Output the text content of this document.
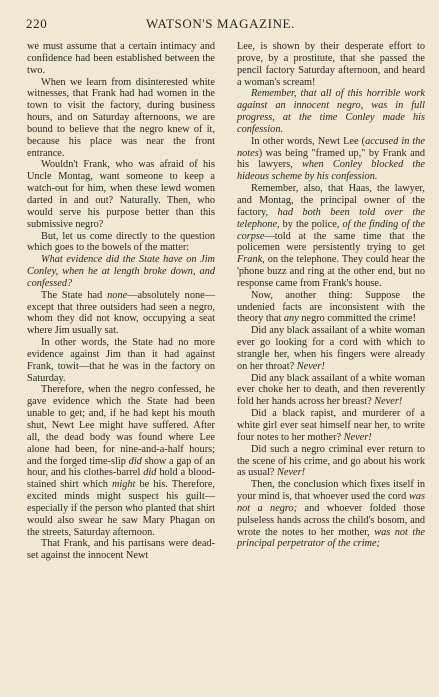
220	WATSON'S MAGAZINE.

we must assume that a certain intimacy and confidence had been established between the two.

When we learn from disinterested white witnesses, that Frank had had women in the town to visit the factory, during business hours, and on Saturday afternoons, we are bound to believe that the negro knew of it, because his place was near the front entrance.

Wouldn't Frank, who was afraid of his Uncle Montag, want someone to keep a watch-out for him, when these lewd women darted in and out? Naturally. Then, who would serve his purpose better than this submissive negro?

But, let us come directly to the question which goes to the bowels of the matter:

What evidence did the State have on Jim Conley, when he at length broke down, and confessed?

The State had none—absolutely none—except that three outsiders had seen a negro, whom they did not know, occupying a seat where Jim usually sat.

In other words, the State had no more evidence against Jim than it had against Frank, towit—that he was in the factory on Saturday.

Therefore, when the negro confessed, he gave evidence which the State had been unable to get; and, if he had kept his mouth shut, Newt Lee might have suffered. After all, the dead body was found where Lee alone had been, for nine-and-a-half hours; and the forged time-slip did show a gap of an hour, and his clothes-barrel did hold a blood-stained shirt which might be his. Therefore, excited minds might suspect his guilt—especially if the person who planted that shirt would also swear he saw Mary Phagan on the streets, Saturday afternoon.

That Frank, and his partisans were dead-set against the innocent Newt

Lee, is shown by their desperate effort to prove, by a prostitute, that she passed the pencil factory Saturday afternoon, and heard a woman's scream!

Remember, that all of this horrible work against an innocent negro, was in full progress, at the time Conley made his confession.

In other words, Newt Lee (accused in the notes) was being "framed up," by Frank and his lawyers, when Conley blocked the hideous scheme by his confession.

Remember, also, that Haas, the lawyer, and Montag, the principal owner of the factory, had both been told over the telephone, by the police, of the finding of the corpse—told at the same time that the policemen were persistently trying to get Frank, on the telephone. They could hear the 'phone buzz and ring at the other end, but no response came from Frank's house.

Now, another thing: Suppose the undenied facts are inconsistent with the theory that any negro committed the crime!

Did any black assailant of a white woman ever go looking for a cord with which to strangle her, when his fingers were already on her throat? Never!

Did any black assailant of a white woman ever choke her to death, and then reverently fold her hands across her breast? Never!

Did a black rapist, and murderer of a white girl ever seat himself near her, to write four notes to her mother? Never!

Did such a negro criminal ever return to the scene of his crime, and go about his work as usual? Never!

Then, the conclusion which fixes itself in your mind is, that whoever used the cord was not a negro; and whoever folded those pulseless hands across the child's bosom, and wrote the notes to her mother, was not the principal perpetrator of the crime;
